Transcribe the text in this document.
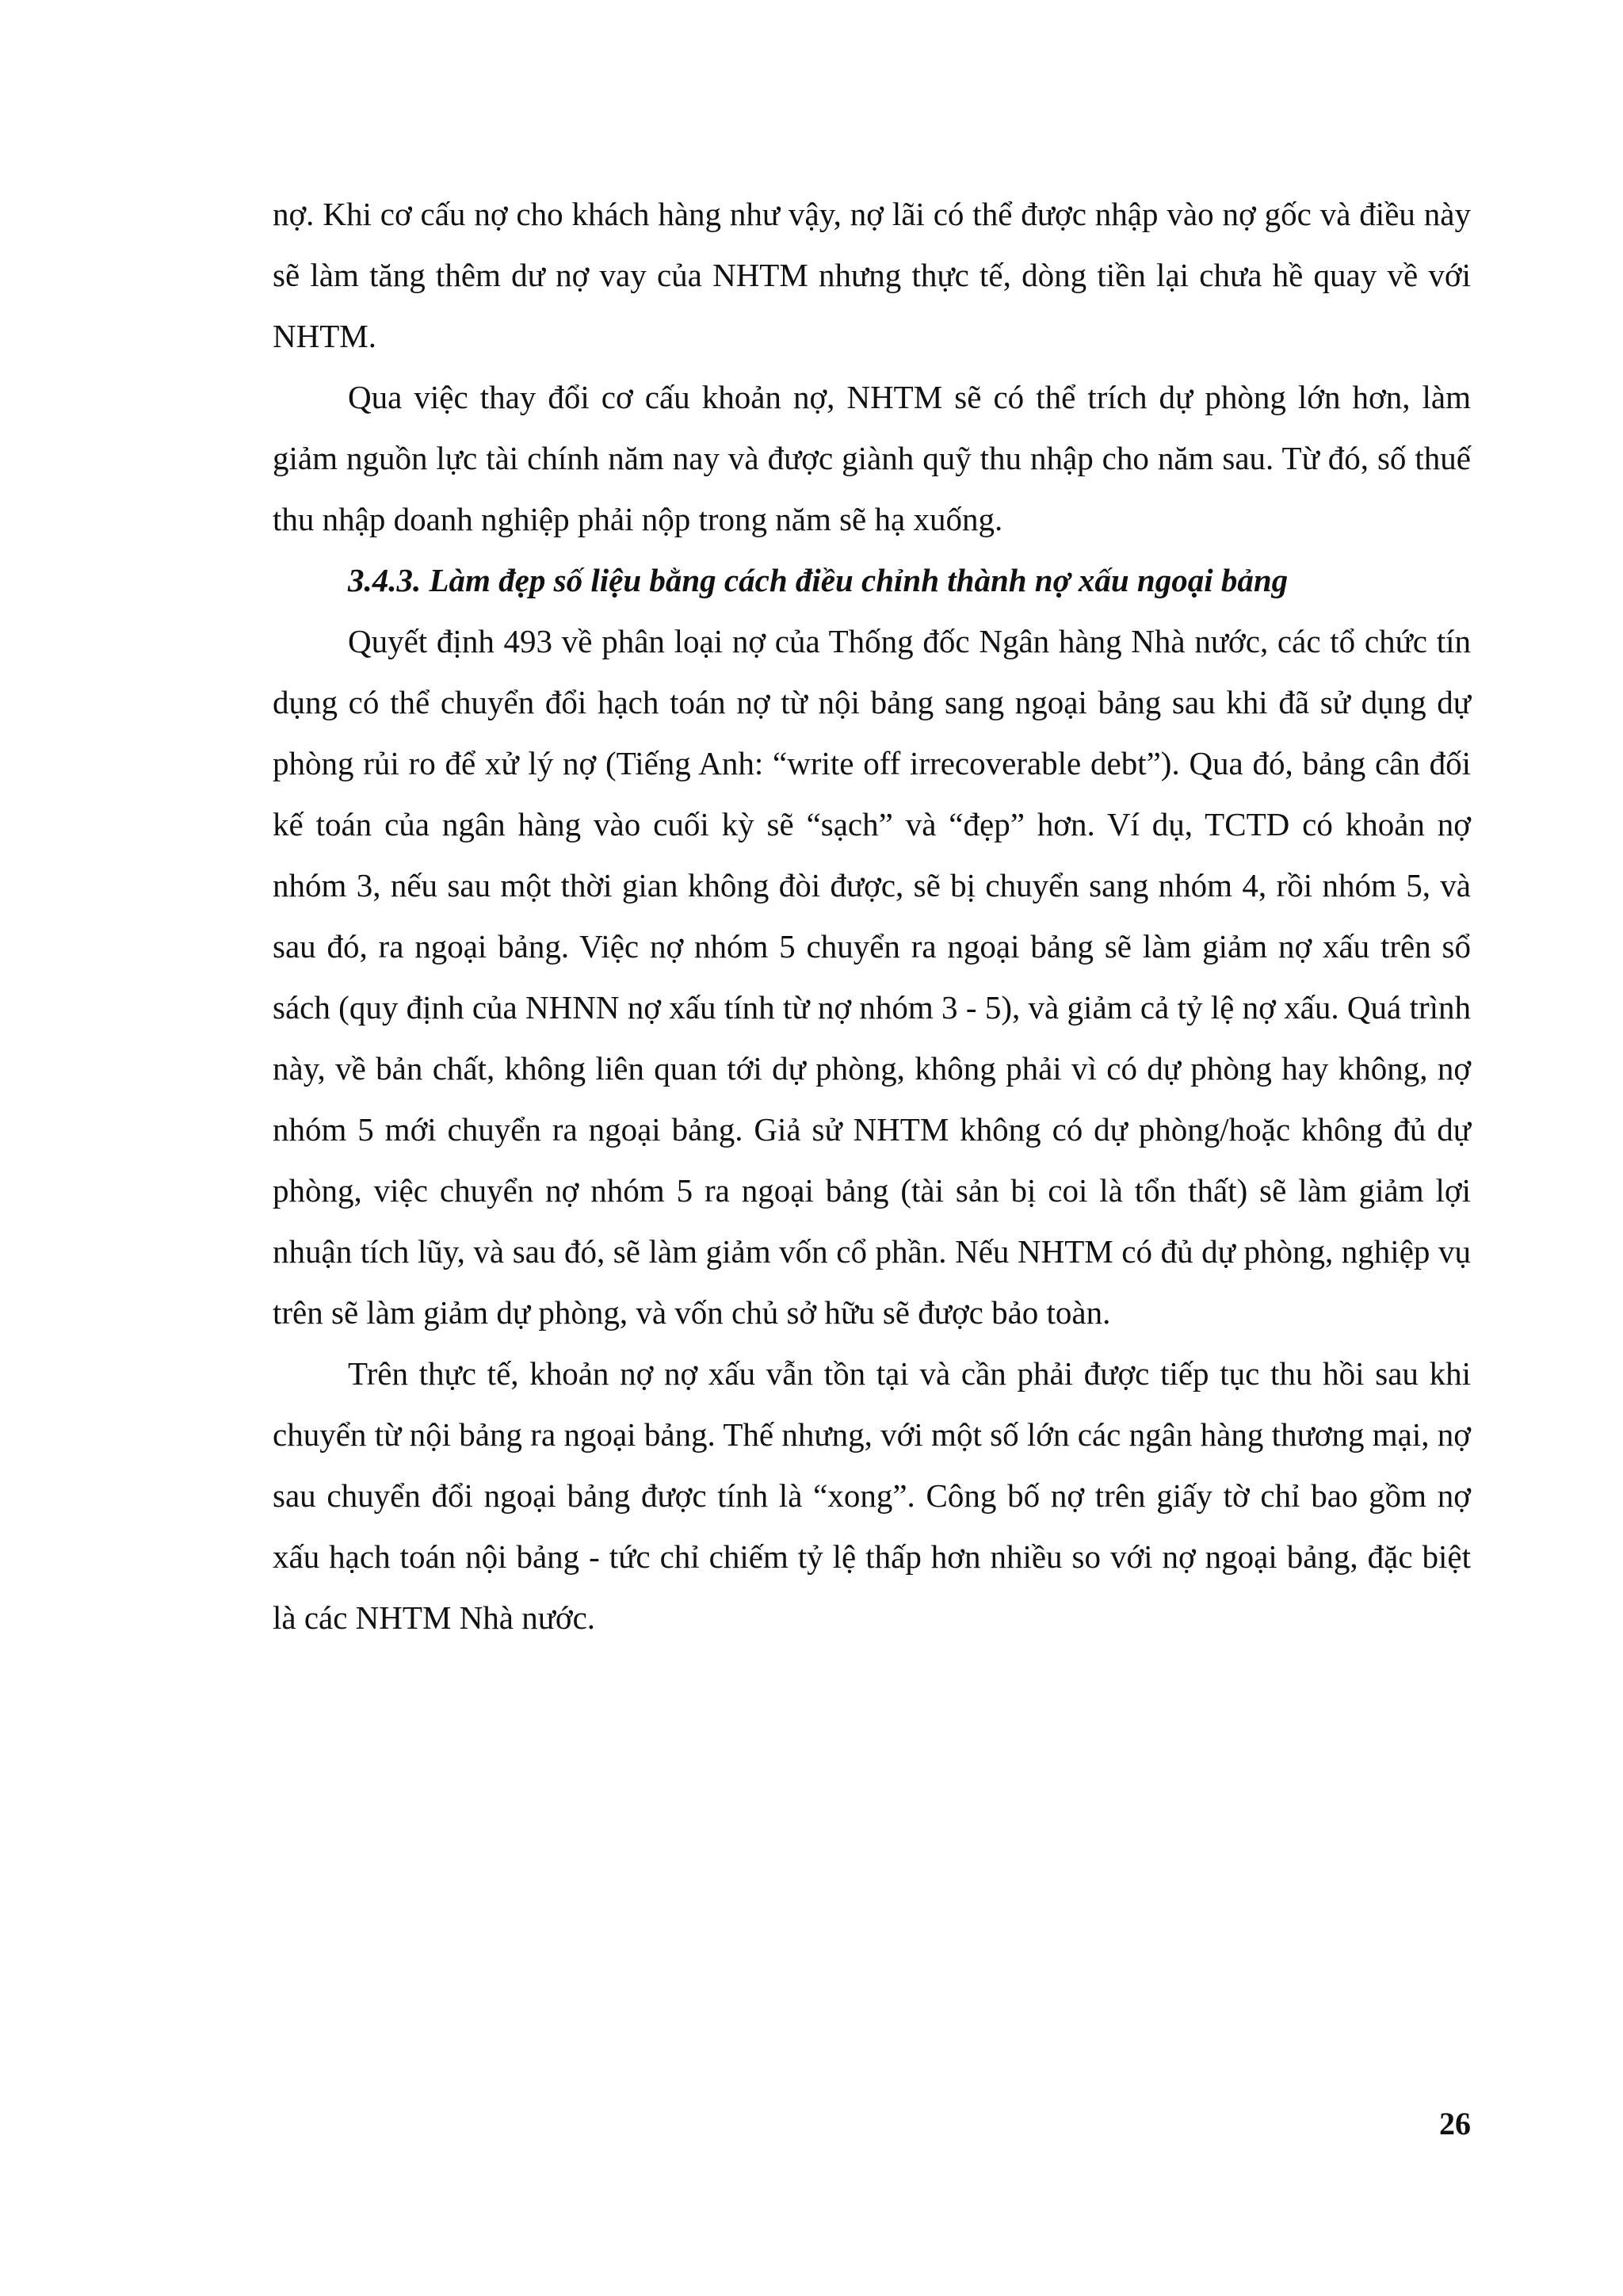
nợ. Khi cơ cấu nợ cho khách hàng như vậy, nợ lãi có thể được nhập vào nợ gốc và điều này sẽ làm tăng thêm dư nợ vay của NHTM nhưng thực tế, dòng tiền lại chưa hề quay về với NHTM.

Qua việc thay đổi cơ cấu khoản nợ, NHTM sẽ có thể trích dự phòng lớn hơn, làm giảm nguồn lực tài chính năm nay và được giành quỹ thu nhập cho năm sau. Từ đó, số thuế thu nhập doanh nghiệp phải nộp trong năm sẽ hạ xuống.

3.4.3. Làm đẹp số liệu bằng cách điều chỉnh thành nợ xấu ngoại bảng

Quyết định 493 về phân loại nợ của Thống đốc Ngân hàng Nhà nước, các tổ chức tín dụng có thể chuyển đổi hạch toán nợ từ nội bảng sang ngoại bảng sau khi đã sử dụng dự phòng rủi ro để xử lý nợ (Tiếng Anh: “write off irrecoverable debt”). Qua đó, bảng cân đối kế toán của ngân hàng vào cuối kỳ sẽ “sạch” và “đẹp” hơn. Ví dụ, TCTD có khoản nợ nhóm 3, nếu sau một thời gian không đòi được, sẽ bị chuyển sang nhóm 4, rồi nhóm 5, và sau đó, ra ngoại bảng. Việc nợ nhóm 5 chuyển ra ngoại bảng sẽ làm giảm nợ xấu trên sổ sách (quy định của NHNN nợ xấu tính từ nợ nhóm 3 - 5), và giảm cả tỷ lệ nợ xấu. Quá trình này, về bản chất, không liên quan tới dự phòng, không phải vì có dự phòng hay không, nợ nhóm 5 mới chuyển ra ngoại bảng. Giả sử NHTM không có dự phòng/hoặc không đủ dự phòng, việc chuyển nợ nhóm 5 ra ngoại bảng (tài sản bị coi là tổn thất) sẽ làm giảm lợi nhuận tích lũy, và sau đó, sẽ làm giảm vốn cổ phần. Nếu NHTM có đủ dự phòng, nghiệp vụ trên sẽ làm giảm dự phòng, và vốn chủ sở hữu sẽ được bảo toàn.

Trên thực tế, khoản nợ nợ xấu vẫn tồn tại và cần phải được tiếp tục thu hồi sau khi chuyển từ nội bảng ra ngoại bảng. Thế nhưng, với một số lớn các ngân hàng thương mại, nợ sau chuyển đổi ngoại bảng được tính là “xong”. Công bố nợ trên giấy tờ chỉ bao gồm nợ xấu hạch toán nội bảng - tức chỉ chiếm tỷ lệ thấp hơn nhiều so với nợ ngoại bảng, đặc biệt là các NHTM Nhà nước.

26
